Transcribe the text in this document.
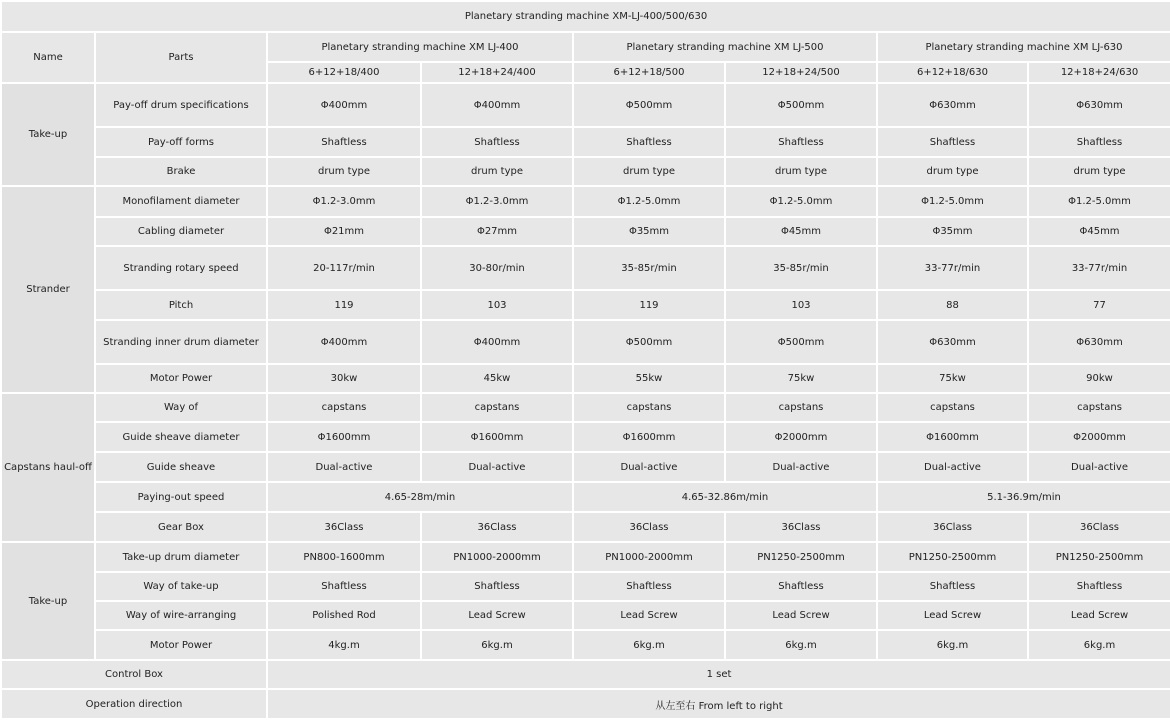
Planetary stranding machine XM-LJ-400/500/630							
Name	Parts	Planetary stranding machine XM LJ-400		Planetary stranding machine XM LJ-500		Planetary stranding machine XM LJ-630	
		6+12+18/400	12+18+24/400	6+12+18/500	12+18+24/500	6+12+18/630	12+18+24/630
Take-up	Pay-off drum specifications	Φ400mm	Φ400mm	Φ500mm	Φ500mm	Φ630mm	Φ630mm
	Pay-off forms	Shaftless	Shaftless	Shaftless	Shaftless	Shaftless	Shaftless
	Brake	drum type	drum type	drum type	drum type	drum type	drum type
Strander	Monofilament diameter	Φ1.2-3.0mm	Φ1.2-3.0mm	Φ1.2-5.0mm	Φ1.2-5.0mm	Φ1.2-5.0mm	Φ1.2-5.0mm
	Cabling diameter	Φ21mm	Φ27mm	Φ35mm	Φ45mm	Φ35mm	Φ45mm
	Stranding rotary speed	20-117r/min	30-80r/min	35-85r/min	35-85r/min	33-77r/min	33-77r/min
	Pitch	119	103	119	103	88	77
	Stranding inner drum diameter	Φ400mm	Φ400mm	Φ500mm	Φ500mm	Φ630mm	Φ630mm
	Motor Power	30kw	45kw	55kw	75kw	75kw	90kw
Capstans haul-off	Way of	capstans	capstans	capstans	capstans	capstans	capstans
	Guide sheave diameter	Φ1600mm	Φ1600mm	Φ1600mm	Φ2000mm	Φ1600mm	Φ2000mm
	Guide sheave	Dual-active	Dual-active	Dual-active	Dual-active	Dual-active	Dual-active
	Paying-out speed	4.65-28m/min		4.65-32.86m/min		5.1-36.9m/min	
	Gear Box	36Class	36Class	36Class	36Class	36Class	36Class
Take-up	Take-up drum diameter	PN800-1600mm	PN1000-2000mm	PN1000-2000mm	PN1250-2500mm	PN1250-2500mm	PN1250-2500mm
	Way of take-up	Shaftless	Shaftless	Shaftless	Shaftless	Shaftless	Shaftless
	Way of wire-arranging	Polished Rod	Lead Screw	Lead Screw	Lead Screw	Lead Screw	Lead Screw
	Motor Power	4kg.m	6kg.m	6kg.m	6kg.m	6kg.m	6kg.m
Control Box		1 set					
Operation direction		从左至右 From left to right					
